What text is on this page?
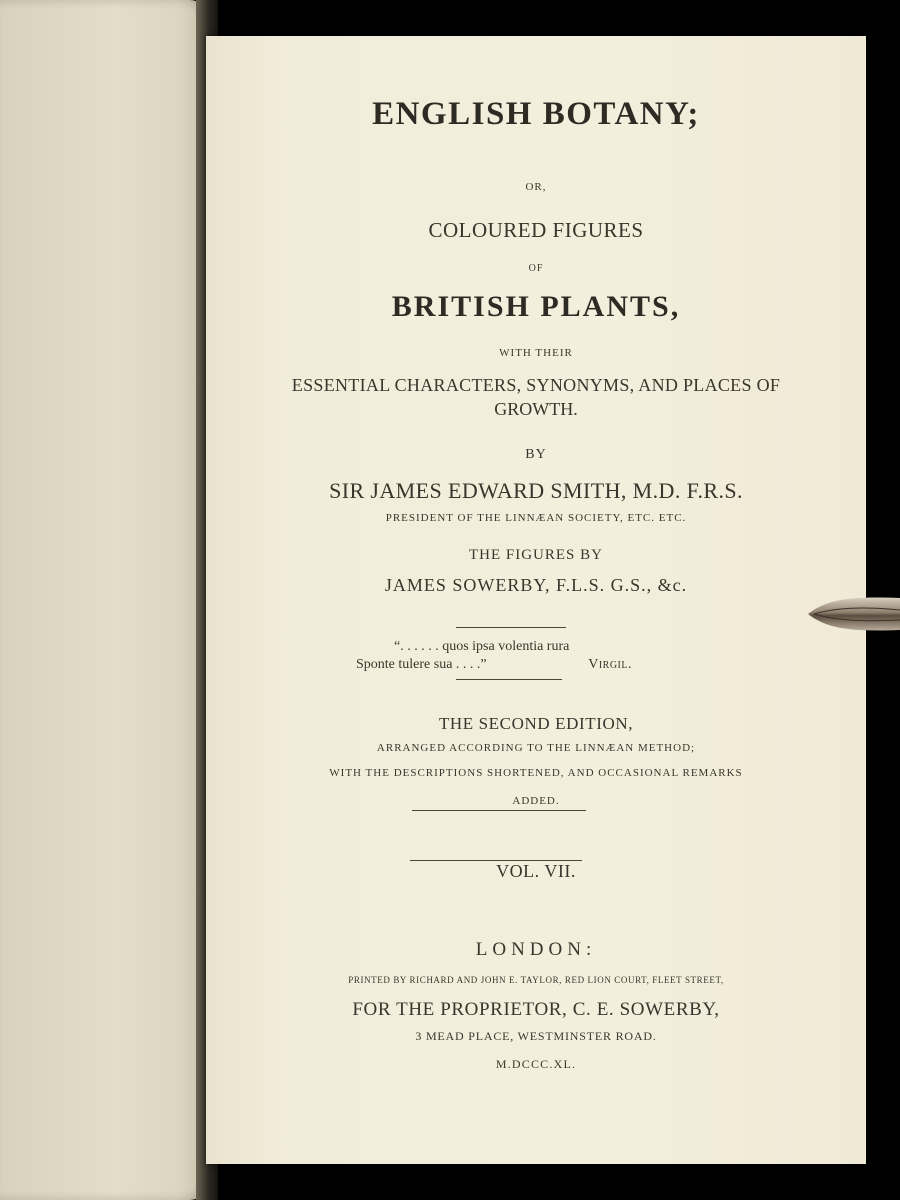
ENGLISH BOTANY;
OR,
COLOURED FIGURES
OF
BRITISH PLANTS,
WITH THEIR
ESSENTIAL CHARACTERS, SYNONYMS, AND PLACES OF
GROWTH.
BY
SIR JAMES EDWARD SMITH, M.D. F.R.S.
PRESIDENT OF THE LINNÆAN SOCIETY, ETC. ETC.
THE FIGURES BY
JAMES SOWERBY, F.L.S. G.S., &c.
“. . . . . . quos ipsa volentia rura
Sponte tulere sua . . . .”	Virgil.
THE SECOND EDITION,
ARRANGED ACCORDING TO THE LINNÆAN METHOD;
WITH THE DESCRIPTIONS SHORTENED, AND OCCASIONAL REMARKS
ADDED.
VOL. VII.
LONDON:
PRINTED BY RICHARD AND JOHN E. TAYLOR, RED LION COURT, FLEET STREET,
FOR THE PROPRIETOR, C. E. SOWERBY,
3 MEAD PLACE, WESTMINSTER ROAD.
M.DCCC.XL.
